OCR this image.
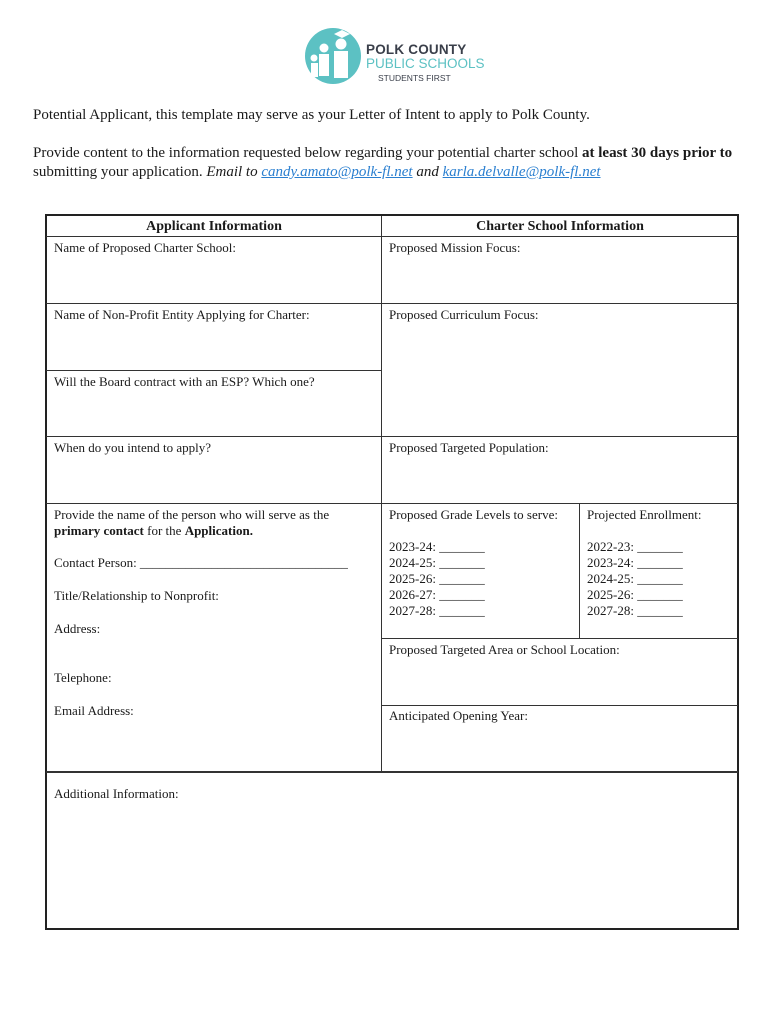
POLK COUNTY
PUBLIC SCHOOLS
STUDENTS FIRST
Potential Applicant, this template may serve as your Letter of Intent to apply to Polk County.
Provide content to the information requested below regarding your potential charter school at least 30 days prior to submitting your application. Email to candy.amato@polk-fl.net and karla.delvalle@polk-fl.net
Applicant Information	Charter School Information
Name of Proposed Charter School:
Name of Non-Profit Entity Applying for Charter:
Will the Board contract with an ESP? Which one?
When do you intend to apply?
Provide the name of the person who will serve as the
primary contact for the Application.
Contact Person: ________________________________
Title/Relationship to Nonprofit:
Address:
Telephone:
Email Address:
Proposed Mission Focus:
Proposed Curriculum Focus:
Proposed Targeted Population:
Proposed Grade Levels to serve:
2023-24: _______
2024-25: _______
2025-26: _______
2026-27: _______
2027-28: _______
Projected Enrollment:
2022-23: _______
2023-24: _______
2024-25: _______
2025-26: _______
2027-28: _______
Proposed Targeted Area or School Location:
Anticipated Opening Year:
Additional Information:
